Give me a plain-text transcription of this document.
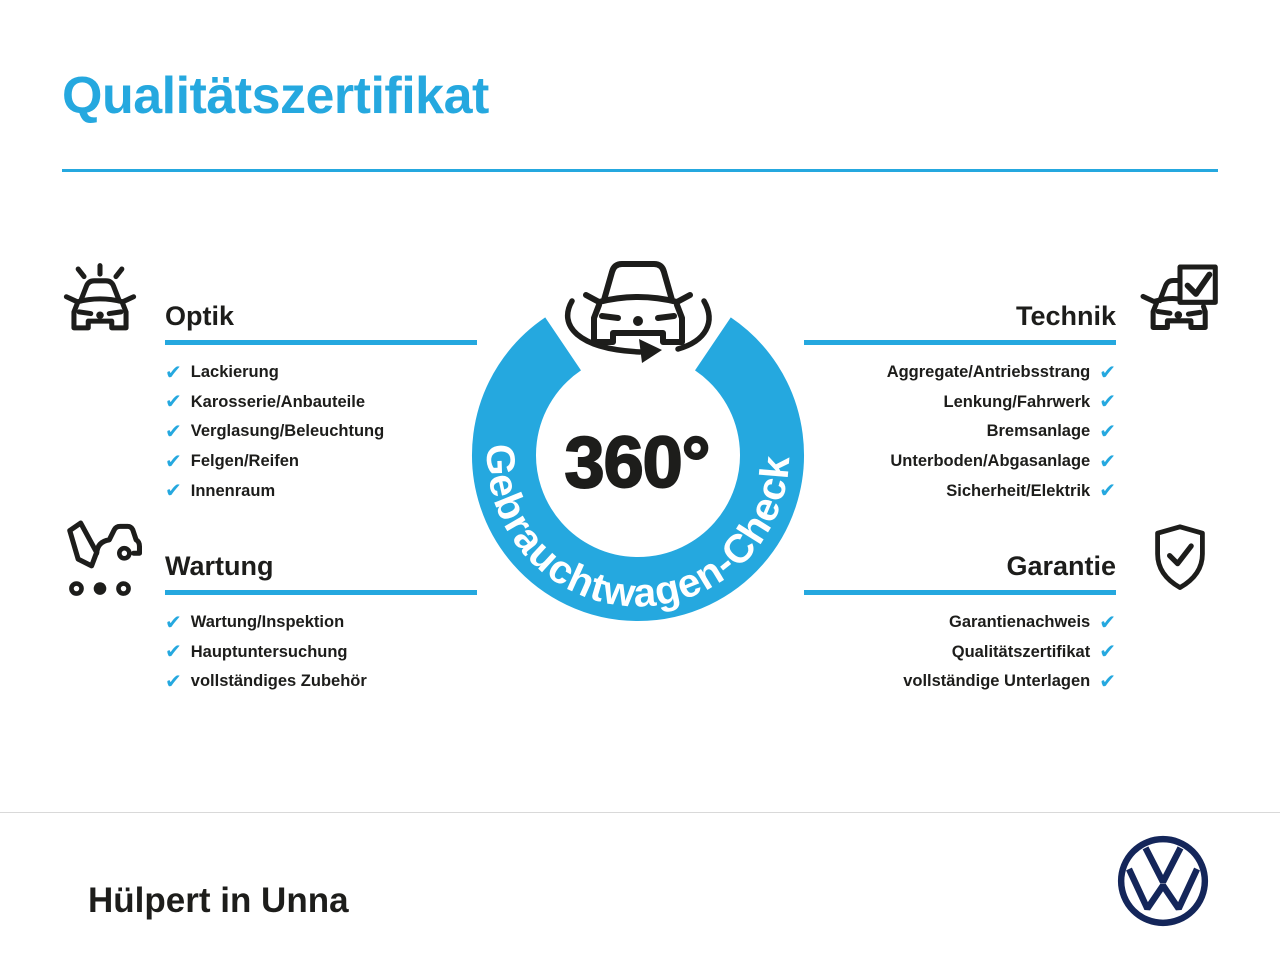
Qualitätszertifikat
Optik
✔ Lackierung
✔ Karosserie/Anbauteile
✔ Verglasung/Beleuchtung
✔ Felgen/Reifen
✔ Innenraum
Wartung
✔ Wartung/Inspektion
✔ Hauptuntersuchung
✔ vollständiges Zubehör
Technik
Aggregate/Antriebsstrang ✔
Lenkung/Fahrwerk ✔
Bremsanlage ✔
Unterboden/Abgasanlage ✔
Sicherheit/Elektrik ✔
Garantie
Garantienachweis ✔
Qualitätszertifikat ✔
vollständige Unterlagen ✔
Gebrauchtwagen-Check
360°
Hülpert in Unna
